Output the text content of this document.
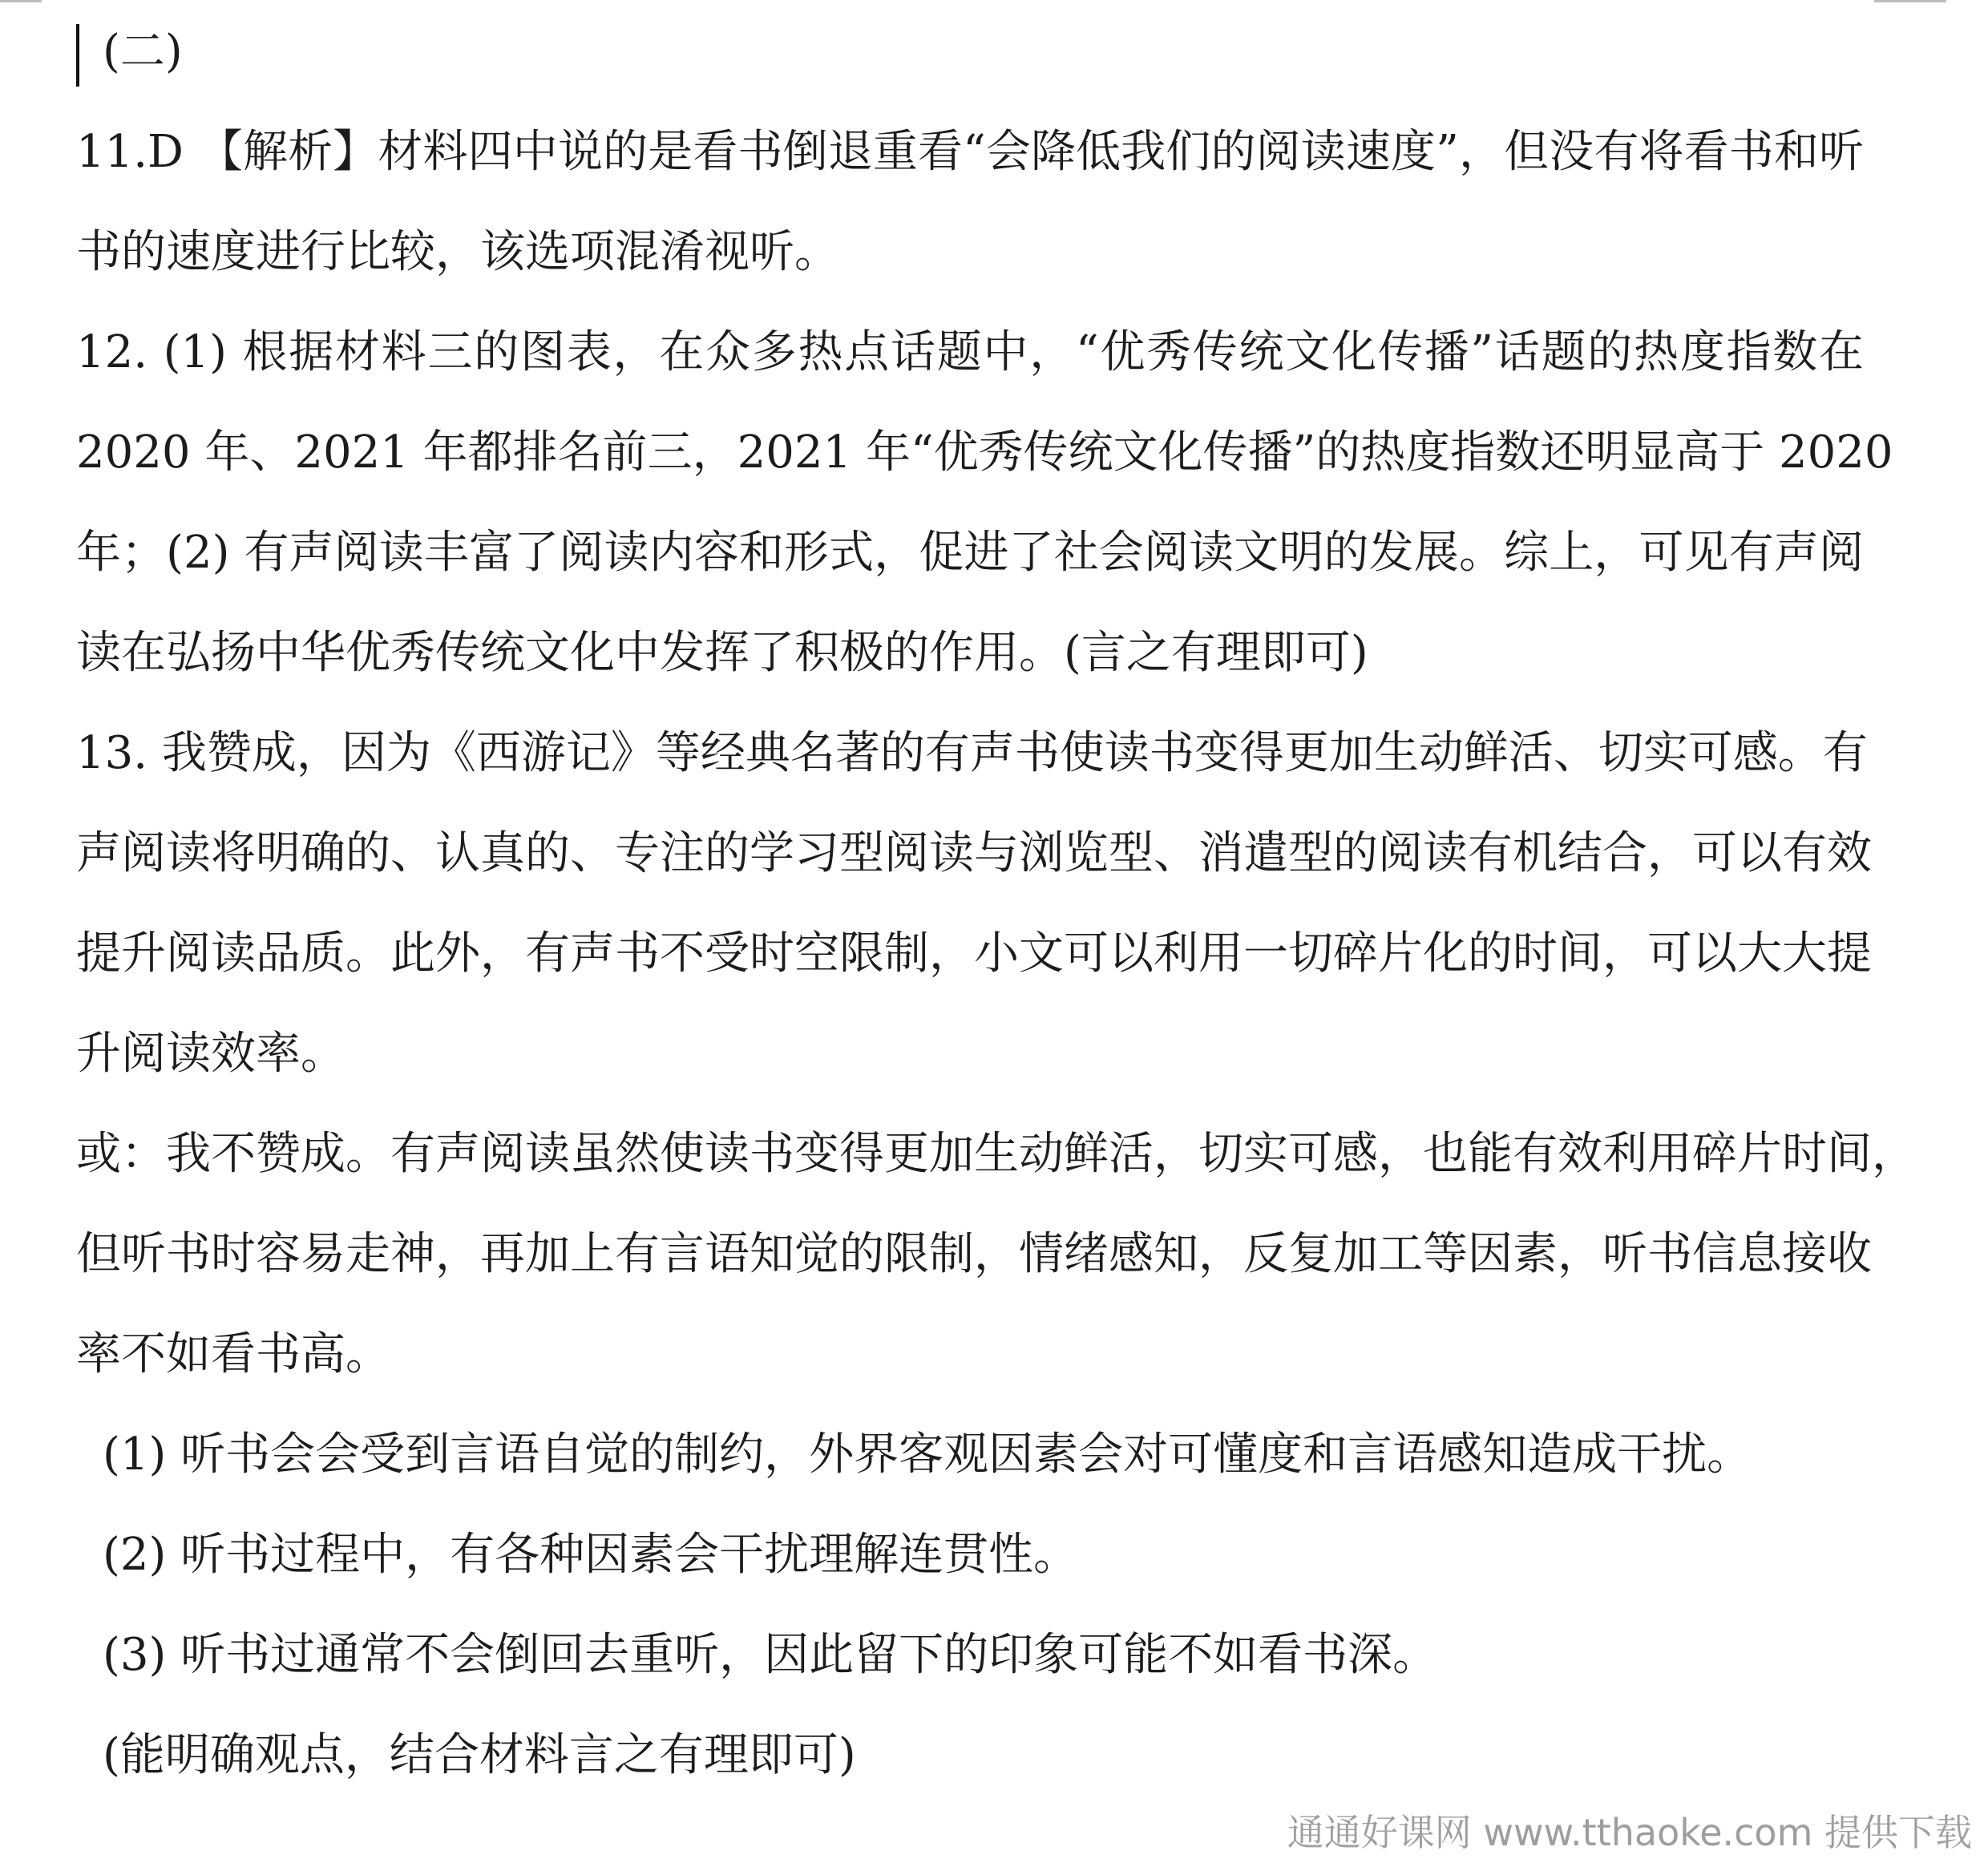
(二)
11.D 【解析】材料四中说的是看书倒退重看“会降低我们的阅读速度”，但没有将看书和听
书的速度进行比较，该选项混淆视听。
12. (1) 根据材料三的图表，在众多热点话题中，“优秀传统文化传播”话题的热度指数在
2020 年、2021 年都排名前三，2021 年“优秀传统文化传播”的热度指数还明显高于 2020
年；(2) 有声阅读丰富了阅读内容和形式，促进了社会阅读文明的发展。综上，可见有声阅
读在弘扬中华优秀传统文化中发挥了积极的作用。(言之有理即可)
13. 我赞成，因为《西游记》等经典名著的有声书使读书变得更加生动鲜活、切实可感。有
声阅读将明确的、认真的、专注的学习型阅读与浏览型、消遣型的阅读有机结合，可以有效
提升阅读品质。此外，有声书不受时空限制，小文可以利用一切碎片化的时间，可以大大提
升阅读效率。
或：我不赞成。有声阅读虽然使读书变得更加生动鲜活，切实可感，也能有效利用碎片时间，
但听书时容易走神，再加上有言语知觉的限制，情绪感知，反复加工等因素，听书信息接收
率不如看书高。
(1) 听书会会受到言语自觉的制约，外界客观因素会对可懂度和言语感知造成干扰。
(2) 听书过程中，有各种因素会干扰理解连贯性。
(3) 听书过通常不会倒回去重听，因此留下的印象可能不如看书深。
(能明确观点，结合材料言之有理即可)
通通好课网 www.tthaoke.com 提供下载
